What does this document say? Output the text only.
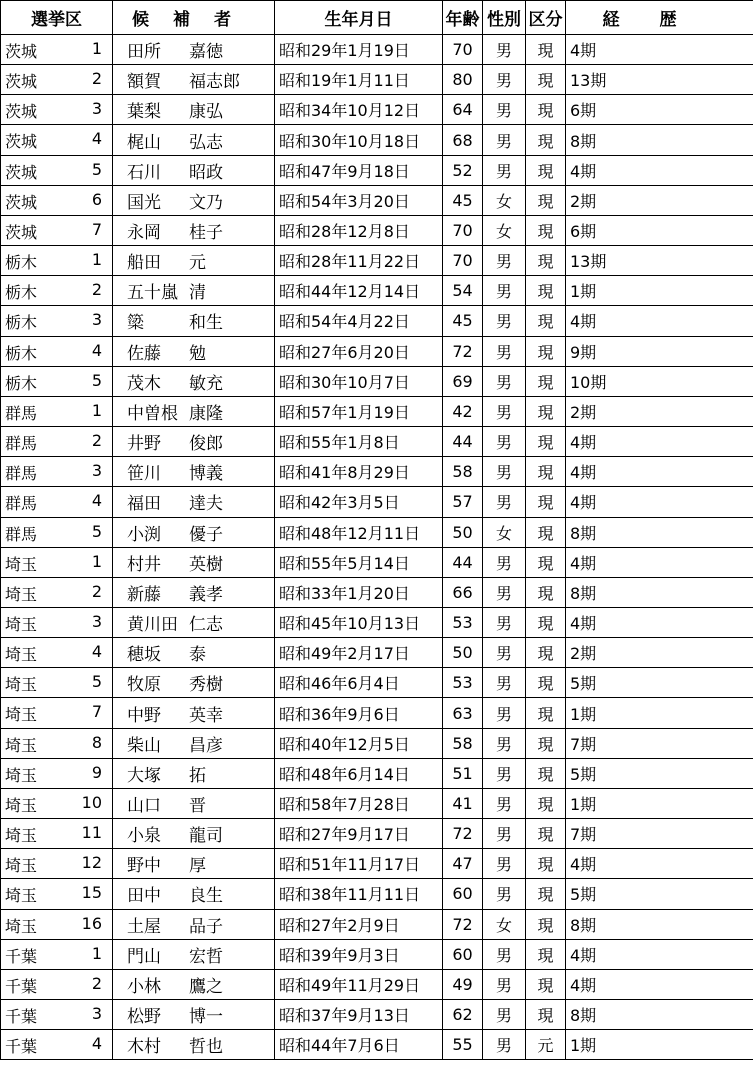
選挙区	候補者	生年月日	年齢	性別	区分	経歴

茨城 1	田所 嘉徳	昭和29年1月19日	70	男	現	4期

茨城 2	額賀 福志郎	昭和19年1月11日	80	男	現	13期

茨城 3	葉梨 康弘	昭和34年10月12日	64	男	現	6期

茨城 4	梶山 弘志	昭和30年10月18日	68	男	現	8期

茨城 5	石川 昭政	昭和47年9月18日	52	男	現	4期

茨城 6	国光 文乃	昭和54年3月20日	45	女	現	2期

茨城 7	永岡 桂子	昭和28年12月8日	70	女	現	6期

栃木 1	船田 元	昭和28年11月22日	70	男	現	13期

栃木 2	五十嵐 清	昭和44年12月14日	54	男	現	1期

栃木 3	簗 和生	昭和54年4月22日	45	男	現	4期

栃木 4	佐藤 勉	昭和27年6月20日	72	男	現	9期

栃木 5	茂木 敏充	昭和30年10月7日	69	男	現	10期

群馬 1	中曽根 康隆	昭和57年1月19日	42	男	現	2期

群馬 2	井野 俊郎	昭和55年1月8日	44	男	現	4期

群馬 3	笹川 博義	昭和41年8月29日	58	男	現	4期

群馬 4	福田 達夫	昭和42年3月5日	57	男	現	4期

群馬 5	小渕 優子	昭和48年12月11日	50	女	現	8期

埼玉 1	村井 英樹	昭和55年5月14日	44	男	現	4期

埼玉 2	新藤 義孝	昭和33年1月20日	66	男	現	8期

埼玉 3	黄川田 仁志	昭和45年10月13日	53	男	現	4期

埼玉 4	穂坂 泰	昭和49年2月17日	50	男	現	2期

埼玉 5	牧原 秀樹	昭和46年6月4日	53	男	現	5期

埼玉 7	中野 英幸	昭和36年9月6日	63	男	現	1期

埼玉 8	柴山 昌彦	昭和40年12月5日	58	男	現	7期

埼玉 9	大塚 拓	昭和48年6月14日	51	男	現	5期

埼玉 10	山口 晋	昭和58年7月28日	41	男	現	1期

埼玉 11	小泉 龍司	昭和27年9月17日	72	男	現	7期

埼玉 12	野中 厚	昭和51年11月17日	47	男	現	4期

埼玉 15	田中 良生	昭和38年11月11日	60	男	現	5期

埼玉 16	土屋 品子	昭和27年2月9日	72	女	現	8期

千葉 1	門山 宏哲	昭和39年9月3日	60	男	現	4期

千葉 2	小林 鷹之	昭和49年11月29日	49	男	現	4期

千葉 3	松野 博一	昭和37年9月13日	62	男	現	8期

千葉 4	木村 哲也	昭和44年7月6日	55	男	元	1期
